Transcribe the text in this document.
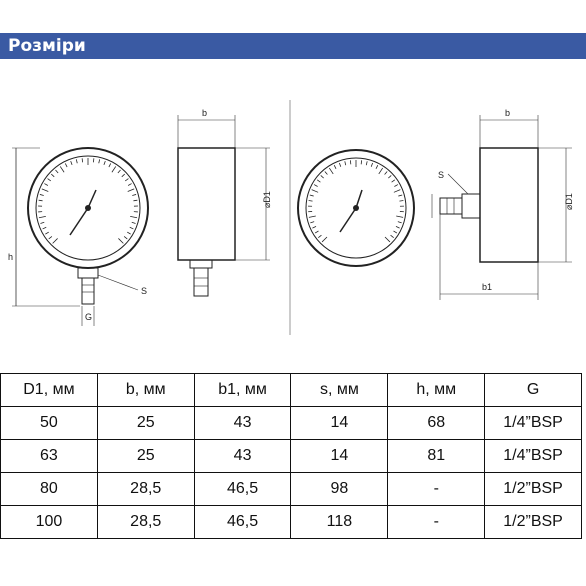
Розміри
h
S
G
b
⌀D1
b
⌀D1
S
b1
D1, мм	b, мм	b1, мм	s, мм	h, мм	G
50	25	43	14	68	1/4”BSP
63	25	43	14	81	1/4”BSP
80	28,5	46,5	98	-	1/2”BSP
100	28,5	46,5	118	-	1/2”BSP
